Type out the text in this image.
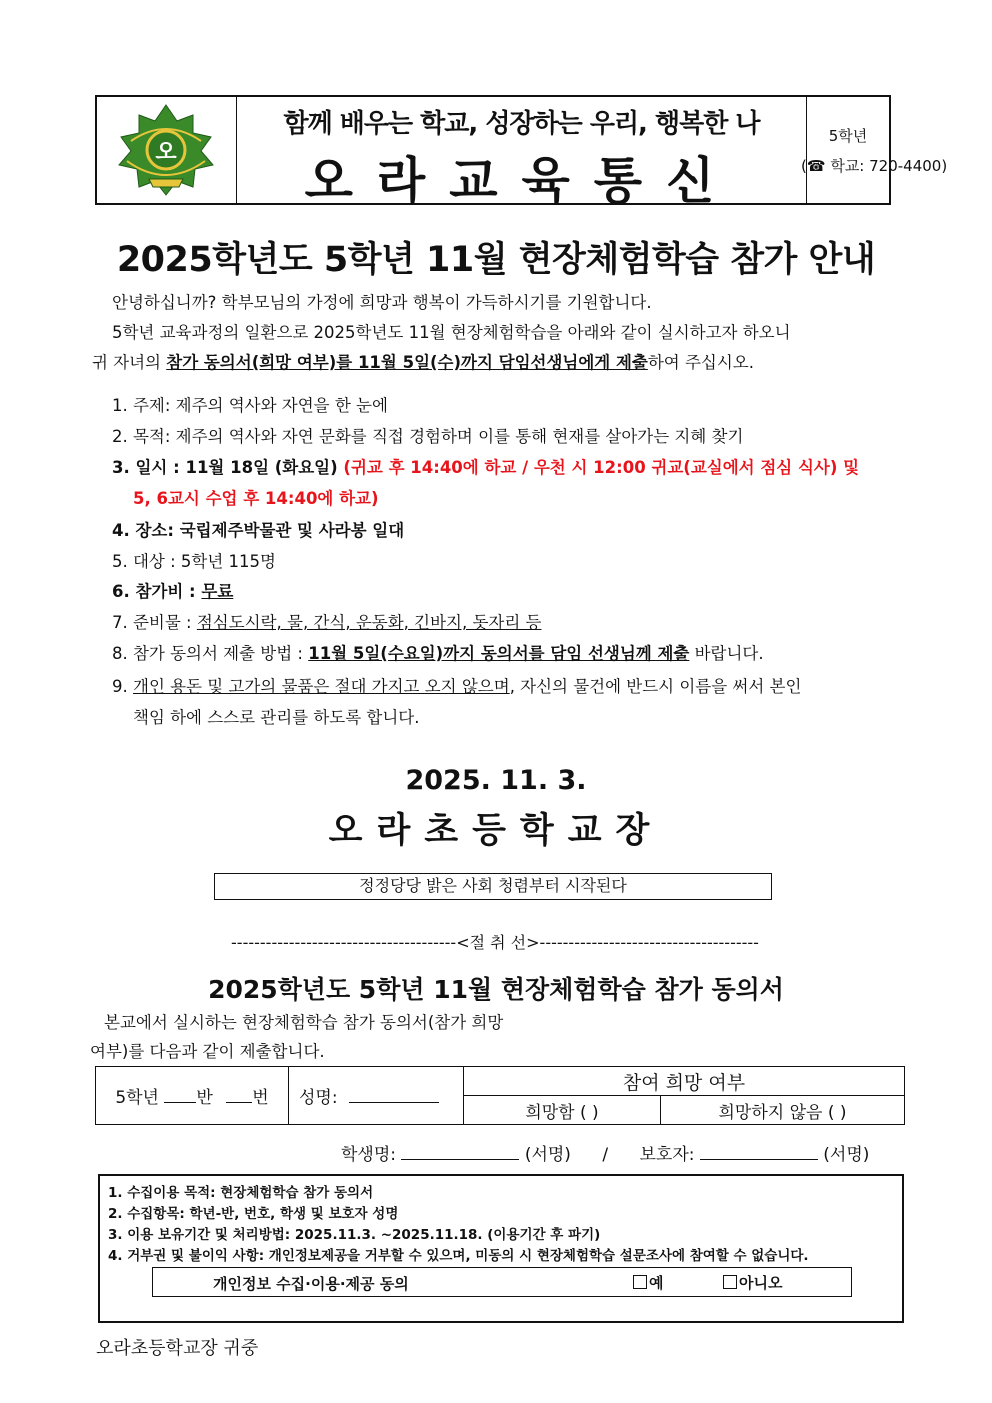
오
함께 배우는 학교, 성장하는 우리, 행복한 나
오라교육통신
5학년
(☎ 학교: 720-4400)
2025학년도 5학년 11월 현장체험학습 참가 안내
안녕하십니까? 학부모님의 가정에 희망과 행복이 가득하시기를 기원합니다.
5학년 교육과정의 일환으로 2025학년도 11월 현장체험학습을 아래와 같이 실시하고자 하오니
귀 자녀의 참가 동의서(희망 여부)를 11월 5일(수)까지 담임선생님에게 제출하여 주십시오.
1. 주제: 제주의 역사와 자연을 한 눈에
2. 목적: 제주의 역사와 자연 문화를 직접 경험하며 이를 통해 현재를 살아가는 지혜 찾기
3. 일시 : 11월 18일 (화요일) (귀교 후 14:40에 하교 / 우천 시 12:00 귀교(교실에서 점심 식사) 및
5, 6교시 수업 후 14:40에 하교)
4. 장소: 국립제주박물관 및 사라봉 일대
5. 대상 : 5학년 115명
6. 참가비 : 무료
7. 준비물 : 점심도시락, 물, 간식, 운동화, 긴바지, 돗자리 등
8. 참가 동의서 제출 방법 : 11월 5일(수요일)까지 동의서를 담임 선생님께 제출 바랍니다.
9. 개인 용돈 및 고가의 물품은 절대 가지고 오지 않으며, 자신의 물건에 반드시 이름을 써서 본인
책임 하에 스스로 관리를 하도록 합니다.
2025. 11. 3.
오라초등학교장
정정당당 밝은 사회 청렴부터 시작된다
---------------------------------------<절 취 선>--------------------------------------
2025학년도 5학년 11월 현장체험학습 참가 동의서
본교에서 실시하는 현장체험학습 참가 동의서(참가 희망
여부)를 다음과 같이 제출합니다.
5학년 반 번	성명:	참여 희망 여부	
		희망함 ( )	희망하지 않음 ( )
학생명:	(서명) / 보호자:	(서명)
1. 수집이용 목적: 현장체험학습 참가 동의서
2. 수집항목: 학년-반, 번호, 학생 및 보호자 성명
3. 이용 보유기간 및 처리방법: 2025.11.3. ~2025.11.18. (이용기간 후 파기)
4. 거부권 및 불이익 사항: 개인정보제공을 거부할 수 있으며, 미동의 시 현장체험학습 설문조사에 참여할 수 없습니다.
개인정보 수집·이용·제공 동의	예	아니오
오라초등학교장 귀중
